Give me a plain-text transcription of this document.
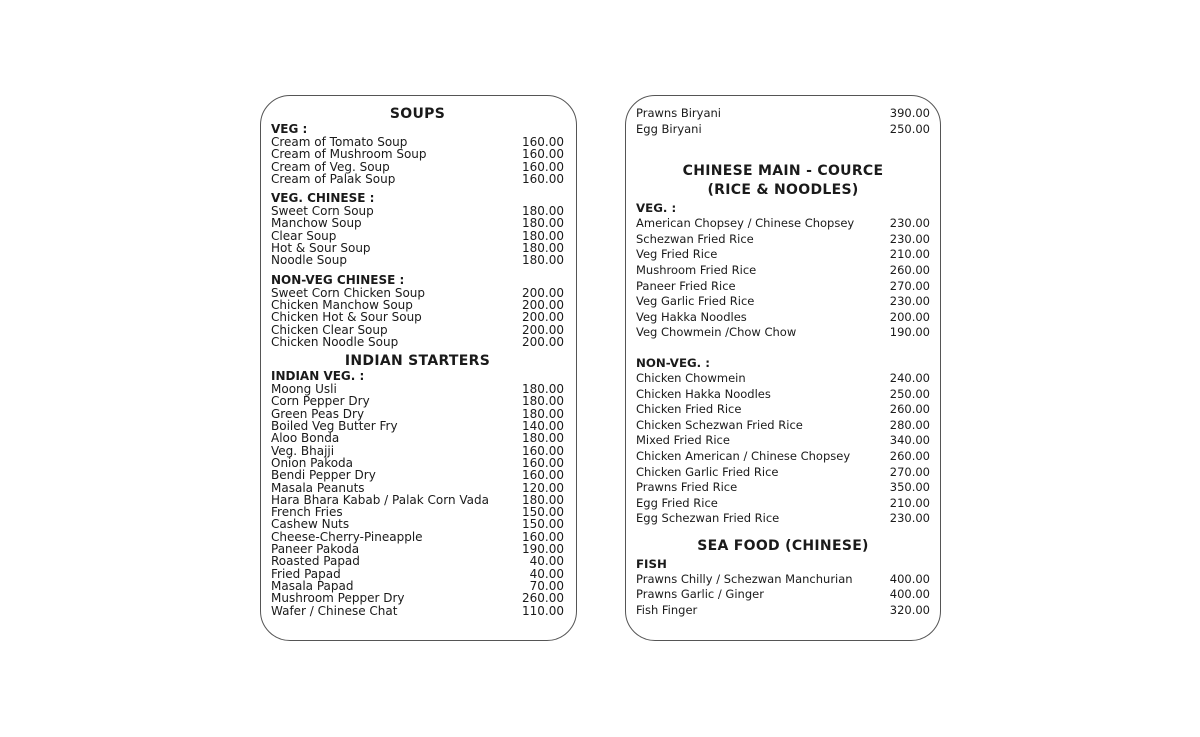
SOUPS
VEG :
Cream of Tomato Soup	160.00
Cream of Mushroom Soup	160.00
Cream of Veg. Soup	160.00
Cream of Palak Soup	160.00
VEG. CHINESE :
Sweet Corn Soup	180.00
Manchow Soup	180.00
Clear Soup	180.00
Hot & Sour Soup	180.00
Noodle Soup	180.00
NON-VEG CHINESE :
Sweet Corn Chicken Soup	200.00
Chicken Manchow Soup	200.00
Chicken Hot & Sour Soup	200.00
Chicken Clear Soup	200.00
Chicken Noodle Soup	200.00
INDIAN STARTERS
INDIAN VEG. :
Moong Usli	180.00
Corn Pepper Dry	180.00
Green Peas Dry	180.00
Boiled Veg Butter Fry	140.00
Aloo Bonda	180.00
Veg. Bhajji	160.00
Onion Pakoda	160.00
Bendi Pepper Dry	160.00
Masala Peanuts	120.00
Hara Bhara Kabab / Palak Corn Vada	180.00
French Fries	150.00
Cashew Nuts	150.00
Cheese-Cherry-Pineapple	160.00
Paneer Pakoda	190.00
Roasted Papad	40.00
Fried Papad	40.00
Masala Papad	70.00
Mushroom Pepper Dry	260.00
Wafer / Chinese Chat	110.00
Prawns Biryani	390.00
Egg Biryani	250.00
CHINESE MAIN - COURCE
(RICE & NOODLES)
VEG. :
American Chopsey / Chinese Chopsey	230.00
Schezwan Fried Rice	230.00
Veg Fried Rice	210.00
Mushroom Fried Rice	260.00
Paneer Fried Rice	270.00
Veg Garlic Fried Rice	230.00
Veg Hakka Noodles	200.00
Veg Chowmein /Chow Chow	190.00
NON-VEG. :
Chicken Chowmein	240.00
Chicken Hakka Noodles	250.00
Chicken Fried Rice	260.00
Chicken Schezwan Fried Rice	280.00
Mixed Fried Rice	340.00
Chicken American / Chinese Chopsey	260.00
Chicken Garlic Fried Rice	270.00
Prawns Fried Rice	350.00
Egg Fried Rice	210.00
Egg Schezwan Fried Rice	230.00
SEA FOOD (CHINESE)
FISH
Prawns Chilly / Schezwan Manchurian	400.00
Prawns Garlic / Ginger	400.00
Fish Finger	320.00
